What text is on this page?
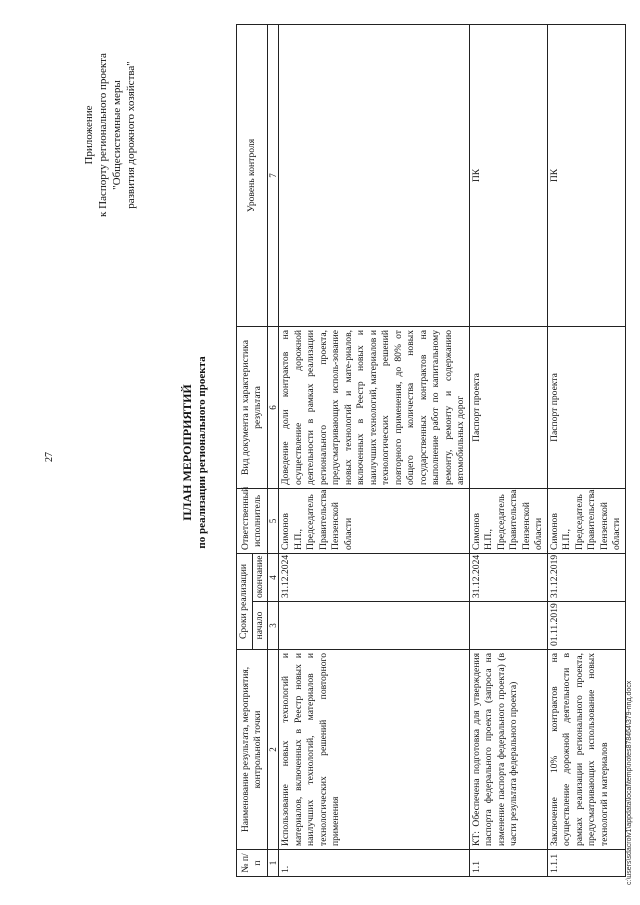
27
Приложение к Паспорту регионального проекта "Общесистемные меры развития дорожного хозяйства"
ПЛАН МЕРОПРИЯТИЙ по реализации регионального проекта
№ п/п	Наименование результата, мероприятия, контрольной точки	Сроки реализации		Ответственный исполнитель	Вид документа и характеристика результата	Уровень контроля
		начало	окончание			
1	2	3	4	5	6	7
1.	Использование новых технологий и материалов, включенных в Реестр новых и наилучших технологий, материалов и технологических решений повторного применения		31.12.2024	Симонов Н.П., Председатель Правительства Пензенской области	Доведение доли контрактов на осуществление дорожной деятельности в рамках реализации регионального проекта, предусматривающих исполь-зование новых технологий и мате-риалов, включенных в Реестр новых и наилучших технологий, материалов и технологических решений повторного применения, до 80% от общего количества новых государственных контрактов на выполнение работ по капитальному ремонту, ремонту и содержанию автомобильных дорог	
1.1	КТ: Обеспечена подготовка для утверждения паспорта федерального проекта (запроса на изменение паспорта федерального проекта) (в части результата федерального проекта)		31.12.2024	Симонов Н.П., Председатель Правительства Пензенской области	Паспорт проекта	ПК
1.1.1	Заключение 10% контрактов на осуществление дорожной деятельности в рамках реализации регионального проекта, предусматривающих использование новых технологий и материалов	01.11.2019	31.12.2019	Симонов Н.П., Председатель Правительства Пензенской области	Паспорт проекта	ПК
c:\users\sdacrolv1\appdata\local\temp\notes878464\379-ппд.docx
